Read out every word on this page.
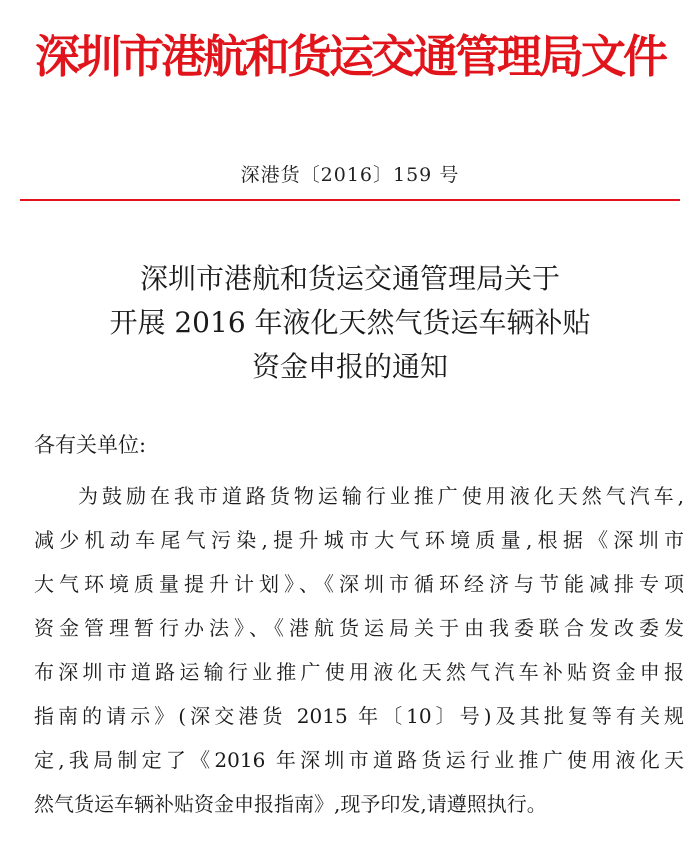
深圳市港航和货运交通管理局文件
深港货〔2016〕159 号
深圳市港航和货运交通管理局关于
开展 2016 年液化天然气货运车辆补贴
资金申报的通知
各有关单位:
为鼓励在我市道路货物运输行业推广使用液化天然气汽车,
减少机动车尾气污染,提升城市大气环境质量,根据《深圳市
大气环境质量提升计划》、《深圳市循环经济与节能减排专项
资金管理暂行办法》、《港航货运局关于由我委联合发改委发
布深圳市道路运输行业推广使用液化天然气汽车补贴资金申报
指南的请示》(深交港货 2015 年〔10〕号)及其批复等有关规
定,我局制定了《2016 年深圳市道路货运行业推广使用液化天
然气货运车辆补贴资金申报指南》,现予印发,请遵照执行。
